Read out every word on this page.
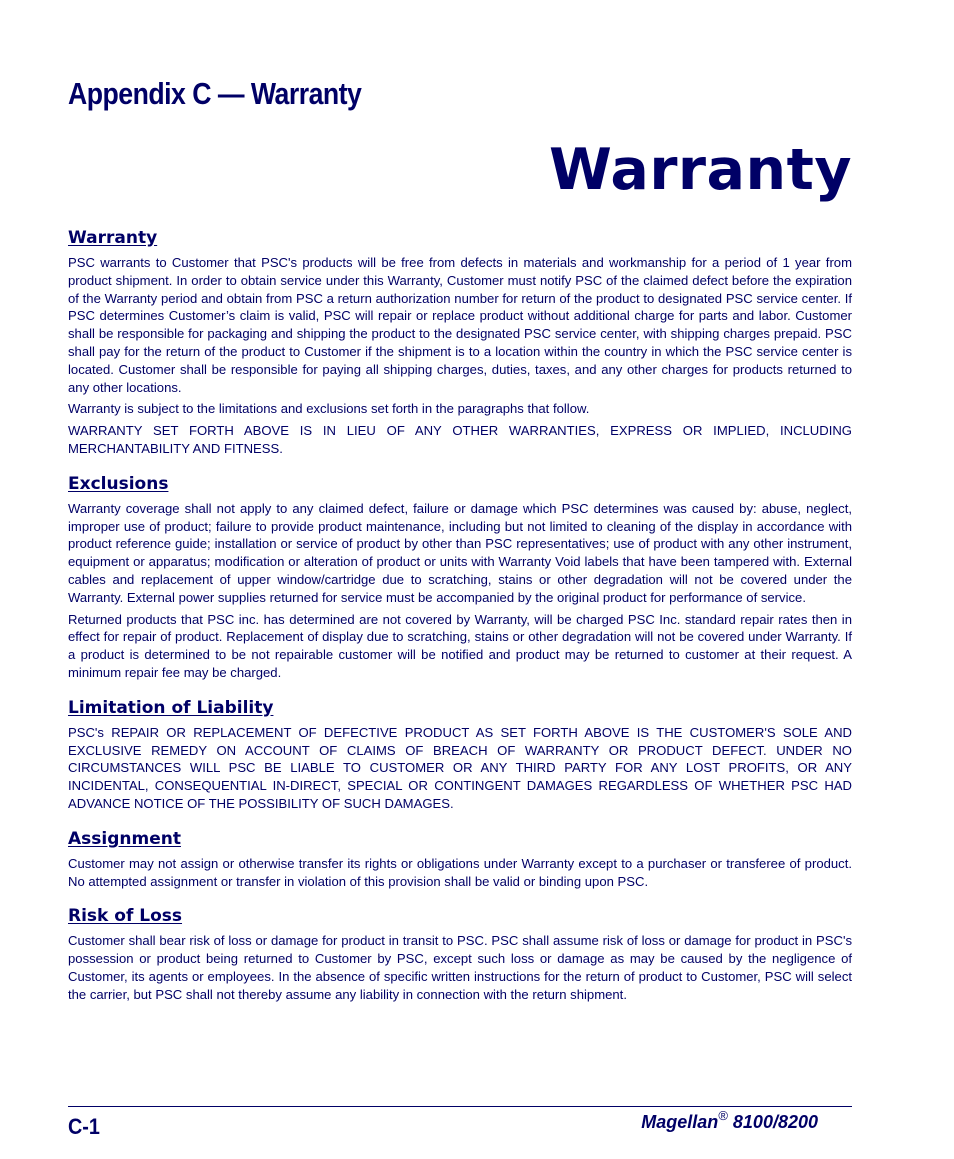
Appendix C — Warranty
Warranty
Warranty

PSC warrants to Customer that PSC's products will be free from defects in materials and workmanship for a period of 1 year from product shipment. In order to obtain service under this Warranty, Customer must notify PSC of the claimed defect before the expiration of the Warranty period and obtain from PSC a return authorization number for return of the product to designated PSC service center. If PSC determines Customer’s claim is valid, PSC will repair or replace product without additional charge for parts and labor. Customer shall be responsible for packaging and shipping the product to the designated PSC service center, with shipping charges prepaid. PSC shall pay for the return of the product to Customer if the shipment is to a location within the country in which the PSC service center is located. Customer shall be responsible for paying all shipping charges, duties, taxes, and any other charges for products returned to any other locations.

Warranty is subject to the limitations and exclusions set forth in the paragraphs that follow.

WARRANTY SET FORTH ABOVE IS IN LIEU OF ANY OTHER WARRANTIES, EXPRESS OR IMPLIED, INCLUDING MERCHANTABILITY AND FITNESS.

Exclusions

Warranty coverage shall not apply to any claimed defect, failure or damage which PSC determines was caused by: abuse, neglect, improper use of product; failure to provide product maintenance, including but not limited to cleaning of the display in accordance with product reference guide; installation or service of product by other than PSC representatives; use of product with any other instrument, equipment or apparatus; modification or alteration of product or units with Warranty Void labels that have been tampered with. External cables and replacement of upper window/cartridge due to scratching, stains or other degradation will not be covered under the Warranty. External power supplies returned for service must be accompanied by the original product for performance of service.

Returned products that PSC inc. has determined are not covered by Warranty, will be charged PSC Inc. standard repair rates then in effect for repair of product. Replacement of display due to scratching, stains or other degradation will not be covered under Warranty. If a product is determined to be not repairable customer will be notified and product may be returned to customer at their request. A minimum repair fee may be charged.

Limitation of Liability

PSC's REPAIR OR REPLACEMENT OF DEFECTIVE PRODUCT AS SET FORTH ABOVE IS THE CUSTOMER'S SOLE AND EXCLUSIVE REMEDY ON ACCOUNT OF CLAIMS OF BREACH OF WARRANTY OR PRODUCT DEFECT. UNDER NO CIRCUMSTANCES WILL PSC BE LIABLE TO CUSTOMER OR ANY THIRD PARTY FOR ANY LOST PROFITS, OR ANY INCIDENTAL, CONSEQUENTIAL IN-DIRECT, SPECIAL OR CONTINGENT DAMAGES REGARDLESS OF WHETHER PSC HAD ADVANCE NOTICE OF THE POSSIBILITY OF SUCH DAMAGES.

Assignment

Customer may not assign or otherwise transfer its rights or obligations under Warranty except to a purchaser or transferee of product. No attempted assignment or transfer in violation of this provision shall be valid or binding upon PSC.

Risk of Loss

Customer shall bear risk of loss or damage for product in transit to PSC. PSC shall assume risk of loss or damage for product in PSC's possession or product being returned to Customer by PSC, except such loss or damage as may be caused by the negligence of Customer, its agents or employees. In the absence of specific written instructions for the return of product to Customer, PSC will select the carrier, but PSC shall not thereby assume any liability in connection with the return shipment.

C-1	Magellan® 8100/8200
